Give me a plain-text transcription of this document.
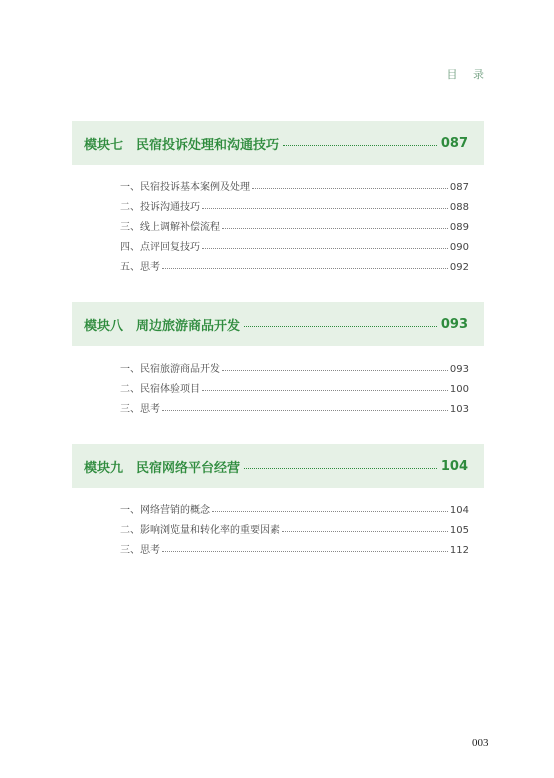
目 录
模块七　民宿投诉处理和沟通技巧	087
一、民宿投诉基本案例及处理	087
二、投诉沟通技巧	088
三、线上调解补偿流程	089
四、点评回复技巧	090
五、思考	092
模块八　周边旅游商品开发	093
一、民宿旅游商品开发	093
二、民宿体验项目	100
三、思考	103
模块九　民宿网络平台经营	104
一、网络营销的概念	104
二、影响浏览量和转化率的重要因素	105
三、思考	112
003
